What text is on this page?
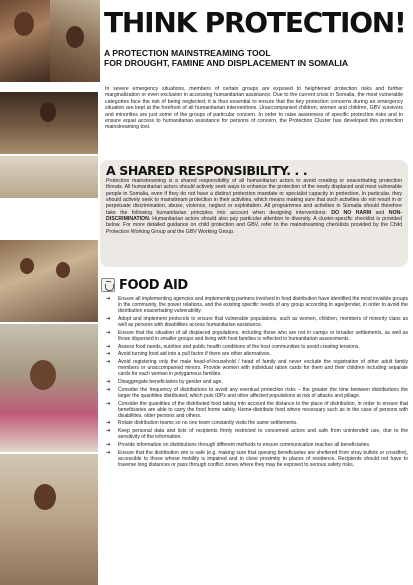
THINK PROTECTION!
A PROTECTION MAINSTREAMING TOOL
FOR DROUGHT, FAMINE AND DISPLACEMENT IN SOMALIA

In severe emergency situations, members of certain groups are exposed to heightened protection risks and further marginalization or even exclusion in accessing humanitarian assistance. Due to the current crisis in Somalia, the most vulnerable categories face the risk of being neglected; it is thus essential to ensure that the key protection concerns during an emergency situation are kept at the forefront of all humanitarian interventions. Unaccompanied children, women and children, GBV survivors and minorities are just some of the groups of particular concern. In order to raise awareness of specific protection risks and to ensure equal access to humanitarian assistance for persons of concern, the Protection Cluster has developed this protection mainstreaming tool.

A SHARED RESPONSIBILITY. . .

Protection mainstreaming is a shared responsibility of all humanitarian actors to avoid creating or exacerbating protection threats. All humanitarian actors should actively seek ways to enhance the protection of the newly displaced and most vulnerable people in Somalia, even if they do not have a distinct protection mandate or specialist capacity in protection. In particular, they should actively seek to mainstream protection in their activities, which means making sure that such activities do not result in or perpetuate discrimination, abuse, violence, neglect or exploitation. All programmes and activities in Somalia should therefore take the following humanitarian principles into account when designing interventions: DO NO HARM and NON-DISCRIMINATION. Humanitarian actors should also pay particular attention to diversity. A cluster-specific checklist is provided below. For more detailed guidance on child protection and GBV, refer to the mainstreaming checklists provided by the Child Protection Working Group and the GBV Working Group.

FOOD AID
➔ Ensure all implementing agencies and implementing partners involved in food distribution have identified the most invisible groups in the community, the power relations, and the existing specific needs of any group according to age/gender, in order to avoid the distribution exacerbating vulnerability.
➔ Adopt and implement protocols to ensure that vulnerable populations, such as women, children, members of minority clans as well as persons with disabilities access humanitarian assistance.
➔ Ensure that the situation of all displaced populations, including those who are not in camps or broader settlements, as well as those dispersed in smaller groups and living with host families is reflected in humanitarian assessments.
➔ Assess food needs, nutrition and public health conditions of the host communities to avoid creating tensions.
➔ Avoid turning food aid into a pull factor if there are other alternatives.
➔ Avoid registering only the male head-of-household / head of family and never exclude the registration of other adult family members or unaccompanied minors. Provide women with individual ration cards for them and their children including separate cards for each woman in polygamous families.
➔ Disaggregate beneficiaries by gender and age.
➔ Consider the frequency of distributions to avoid any eventual protection risks – the greater the time between distributions the larger the quantities distributed, which puts IDPs and other affected populations at risk of attacks and pillage.
➔ Consider the quantities of the distributed food taking into account the distance to the place of distribution, in order to ensure that beneficiaries are able to carry the food home safely. Home-distribute food where necessary such as in the case of persons with disabilities, older persons and others.
➔ Rotate distribution teams so no one team constantly visits the same settlements.
➔ Keep personal data and lists of recipients firmly restricted to concerned actors and safe from unintended use, due to the sensitivity of the information.
➔ Provide information on distributions through different methods to ensure communication reaches all beneficiaries.
➔ Ensure that the distribution site is safe (e.g. making sure that queuing beneficiaries are sheltered from stray bullets or crossfire), accessible to those whose mobility is impaired and in close proximity to places of residence. Recipients should not have to traverse long distances or pass through conflict zones where they may be exposed to serious safety risks.
